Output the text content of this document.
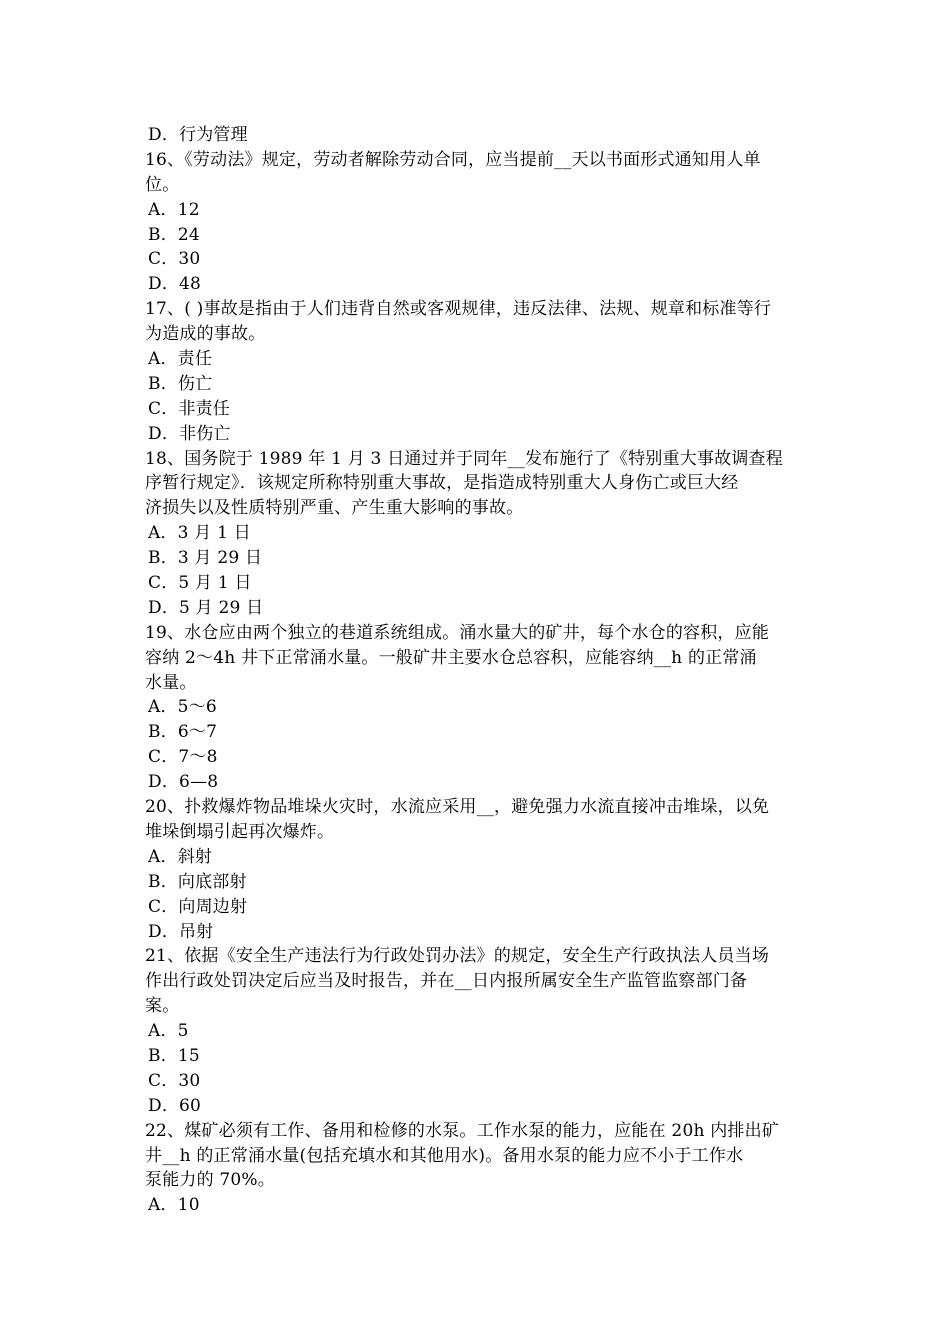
D．行为管理
16、《劳动法》规定，劳动者解除劳动合同，应当提前__天以书面形式通知用人单
位。
A．12
B．24
C．30
D．48
17、( )事故是指由于人们违背自然或客观规律，违反法律、法规、规章和标准等行
为造成的事故。
A．责任
B．伤亡
C．非责任
D．非伤亡
18、国务院于 1989 年 1 月 3 日通过并于同年__发布施行了《特别重大事故调查程
序暂行规定》．该规定所称特别重大事故，是指造成特别重大人身伤亡或巨大经
济损失以及性质特别严重、产生重大影响的事故。
A．3 月 1 日
B．3 月 29 日
C．5 月 1 日
D．5 月 29 日
19、水仓应由两个独立的巷道系统组成。涌水量大的矿井，每个水仓的容积，应能
容纳 2～4h 井下正常涌水量。一般矿井主要水仓总容积，应能容纳__h 的正常涌
水量。
A．5～6
B．6～7
C．7～8
D．6—8
20、扑救爆炸物品堆垛火灾时，水流应采用__，避免强力水流直接冲击堆垛，以免
堆垛倒塌引起再次爆炸。
A．斜射
B．向底部射
C．向周边射
D．吊射
21、依据《安全生产违法行为行政处罚办法》的规定，安全生产行政执法人员当场
作出行政处罚决定后应当及时报告，并在__日内报所属安全生产监管监察部门备
案。
A．5
B．15
C．30
D．60
22、煤矿必须有工作、备用和检修的水泵。工作水泵的能力，应能在 20h 内排出矿
井__h 的正常涌水量(包括充填水和其他用水)。备用水泵的能力应不小于工作水
泵能力的 70%。
A．10
